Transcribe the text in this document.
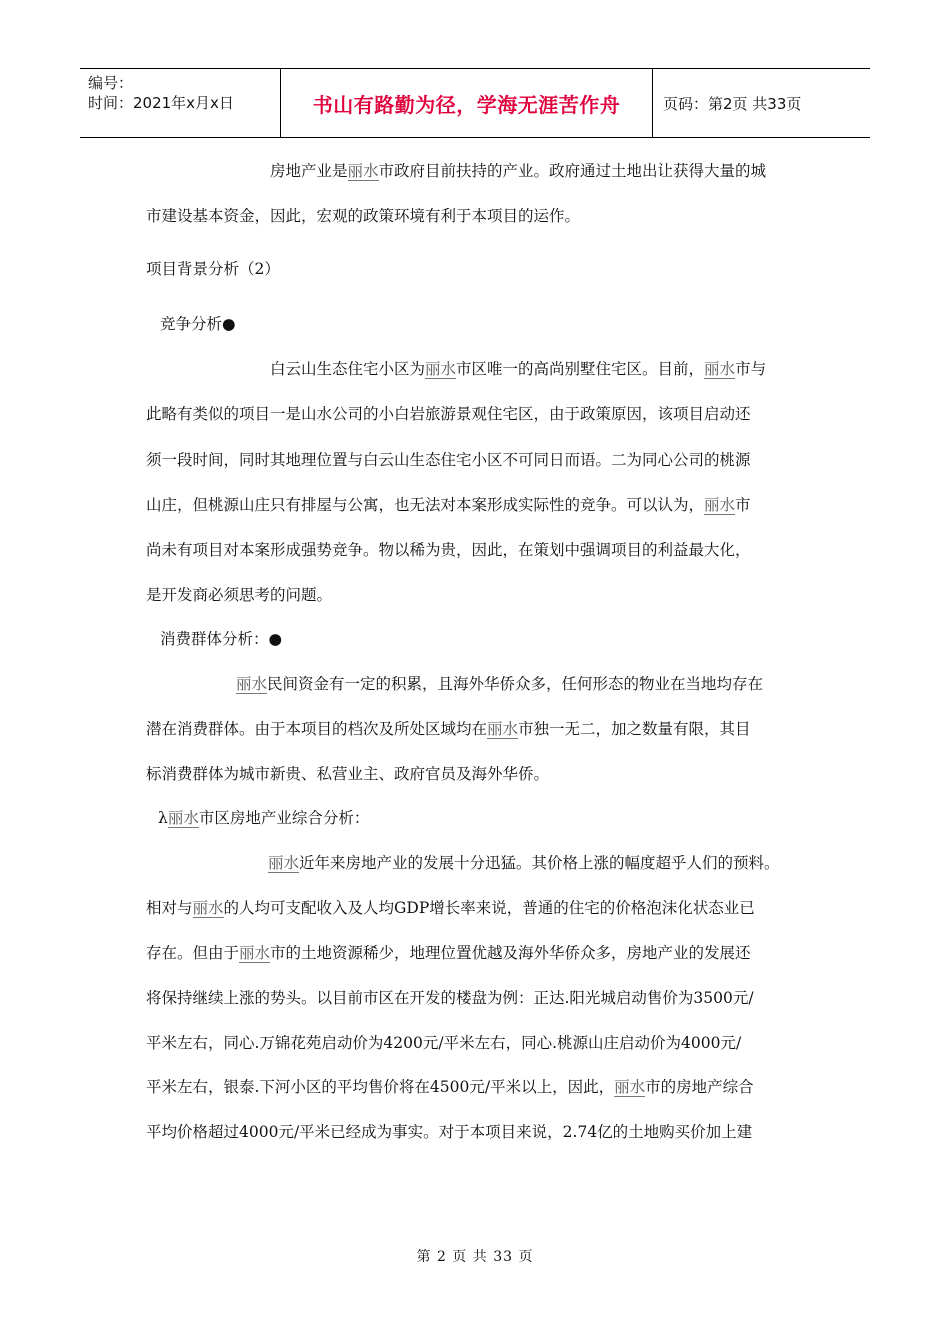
编号：
时间：2021年x月x日	书山有路勤为径，学海无涯苦作舟	页码：第2页 共33页
房地产业是丽水市政府目前扶持的产业。政府通过土地出让获得大量的城
市建设基本资金，因此，宏观的政策环境有利于本项目的运作。
项目背景分析（2）
竞争分析●
白云山生态住宅小区为丽水市区唯一的高尚别墅住宅区。目前，丽水市与
此略有类似的项目一是山水公司的小白岩旅游景观住宅区，由于政策原因，该项目启动还
须一段时间，同时其地理位置与白云山生态住宅小区不可同日而语。二为同心公司的桃源
山庄，但桃源山庄只有排屋与公寓，也无法对本案形成实际性的竞争。可以认为，丽水市
尚未有项目对本案形成强势竞争。物以稀为贵，因此，在策划中强调项目的利益最大化，
是开发商必须思考的问题。
消费群体分析：●
丽水民间资金有一定的积累，且海外华侨众多，任何形态的物业在当地均存在
潜在消费群体。由于本项目的档次及所处区域均在丽水市独一无二，加之数量有限，其目
标消费群体为城市新贵、私营业主、政府官员及海外华侨。
λ丽水市区房地产业综合分析：
丽水近年来房地产业的发展十分迅猛。其价格上涨的幅度超乎人们的预料。
相对与丽水的人均可支配收入及人均GDP增长率来说，普通的住宅的价格泡沫化状态业已
存在。但由于丽水市的土地资源稀少，地理位置优越及海外华侨众多，房地产业的发展还
将保持继续上涨的势头。以目前市区在开发的楼盘为例：正达.阳光城启动售价为3500元/
平米左右，同心.万锦花苑启动价为4200元/平米左右，同心.桃源山庄启动价为4000元/
平米左右，银泰.下河小区的平均售价将在4500元/平米以上，因此，丽水市的房地产综合
平均价格超过4000元/平米已经成为事实。对于本项目来说，2.74亿的土地购买价加上建
第 2 页 共 33 页
